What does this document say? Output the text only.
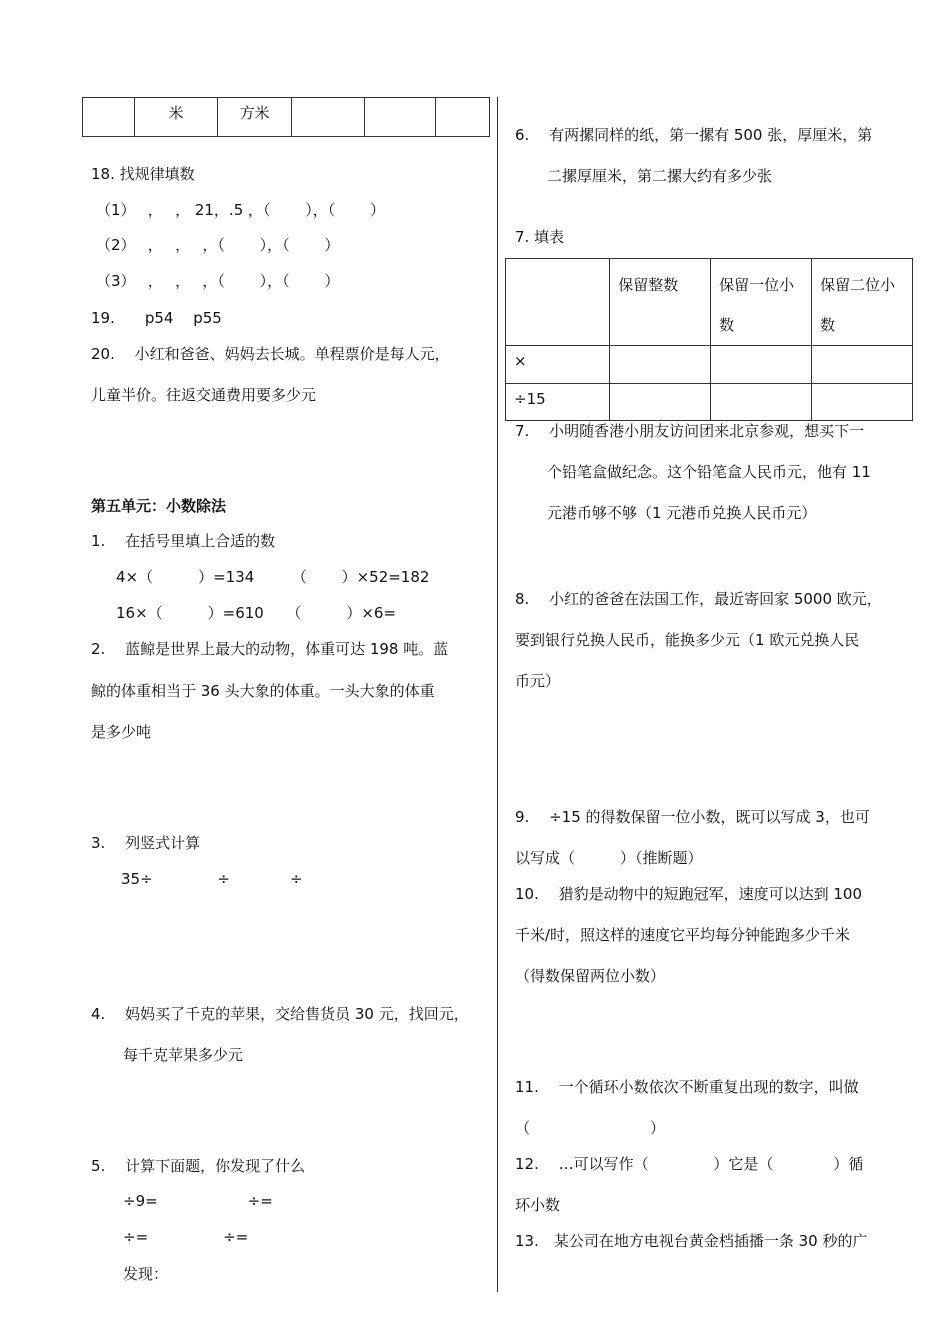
	米	方米			
18. 找规律填数
（1）　 ，　 ， 21，.5 ，（　　 ），（　　 ）
（2）　 ，　 ，　 ，（　　 ），（　　 ）
（3）　 ，　 ，　 ，（　　 ），（　　 ）
19.　　p54　 p55
20.　 小红和爸爸、妈妈去长城。单程票价是每人元，
儿童半价。往返交通费用要多少元
第五单元：小数除法
1.　 在括号里填上合适的数
4×（　　　）=134　　　（　　 ）×52=182
16×（　　　）=610　　（　　　）×6=
2.　 蓝鲸是世界上最大的动物，体重可达 198 吨。蓝
鲸的体重相当于 36 头大象的体重。一头大象的体重
是多少吨
3.　 列竖式计算
35÷　　　　 ÷　　　　÷
4.　 妈妈买了千克的苹果，交给售货员 30 元，找回元，
每千克苹果多少元
5.　 计算下面题，你发现了什么
÷9=　　　　　　÷=
÷=　　　　　÷=
发现：
6.　 有两摞同样的纸，第一摞有 500 张，厚厘米，第
二摞厚厘米，第二摞大约有多少张
7. 填表
	保留整数	保留一位小数	保留二位小数
×			
÷15			
7.　 小明随香港小朋友访问团来北京参观，想买下一
个铅笔盒做纪念。这个铅笔盒人民币元，他有 11
元港币够不够（1 元港币兑换人民币元）
8.　 小红的爸爸在法国工作，最近寄回家 5000 欧元，
要到银行兑换人民币，能换多少元（1 欧元兑换人民
币元）
9.　 ÷15 的得数保留一位小数，既可以写成 3，也可
以写成（　　　）（推断题）
10.　 猎豹是动物中的短跑冠军，速度可以达到 100
千米/时，照这样的速度它平均每分钟能跑多少千米
（得数保留两位小数）
11.　 一个循环小数依次不断重复出现的数字，叫做
（　　　　　　　　）
12.　 …可以写作（　　　　 ）它是（　　　　）循
环小数
13.　某公司在地方电视台黄金档插播一条 30 秒的广
